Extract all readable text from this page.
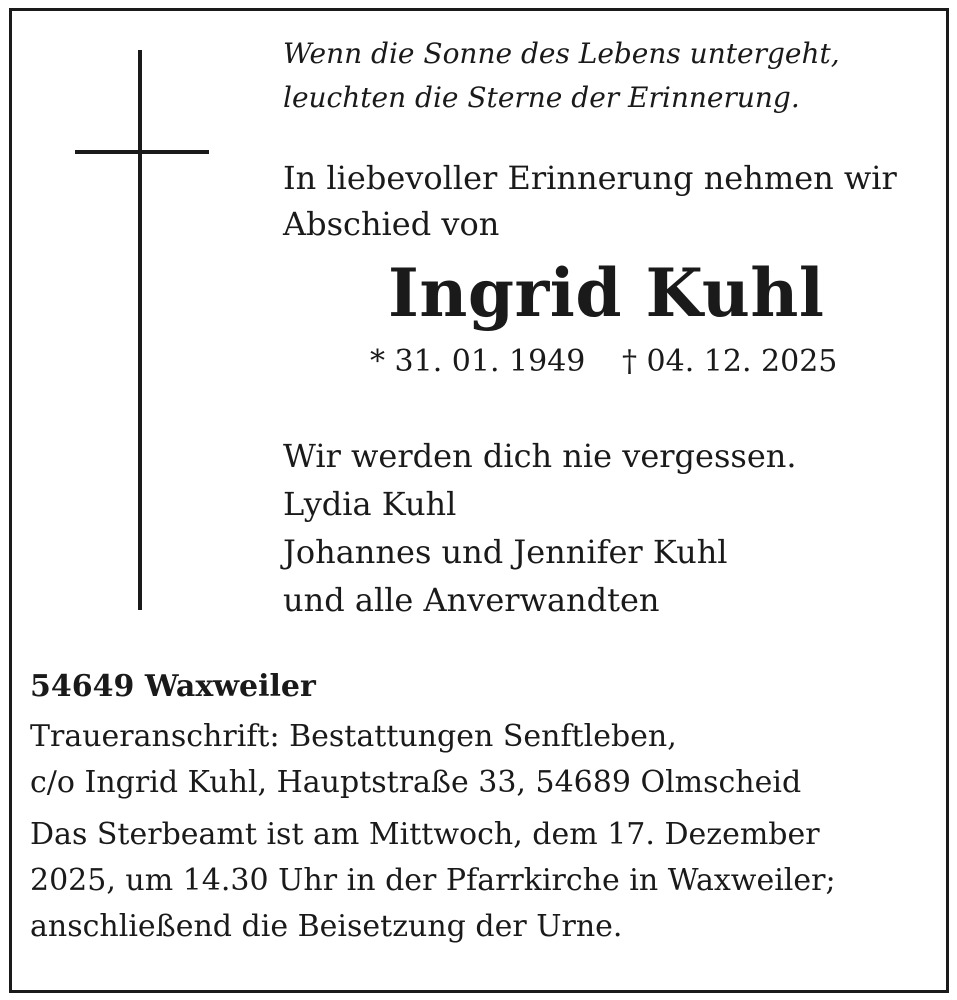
Wenn die Sonne des Lebens untergeht,
leuchten die Sterne der Erinnerung.
In liebevoller Erinnerung nehmen wir
Abschied von
Ingrid Kuhl
* 31. 01. 1949 † 04. 12. 2025
Wir werden dich nie vergessen.
Lydia Kuhl
Johannes und Jennifer Kuhl
und alle Anverwandten
54649 Waxweiler
Traueranschrift: Bestattungen Senftleben,
c/o Ingrid Kuhl, Hauptstraße 33, 54689 Olmscheid
Das Sterbeamt ist am Mittwoch, dem 17. Dezember
2025, um 14.30 Uhr in der Pfarrkirche in Waxweiler;
anschließend die Beisetzung der Urne.
